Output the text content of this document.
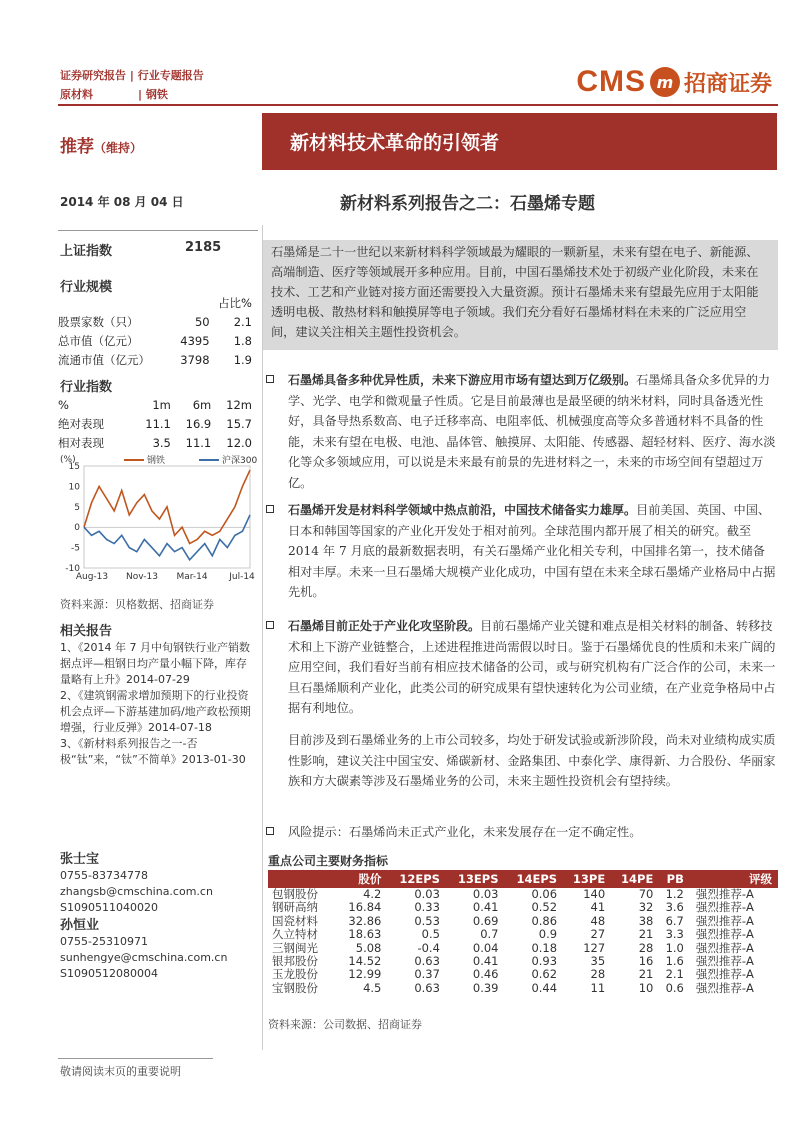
证券研究报告 | 行业专题报告
原材料	| 钢铁	CMS m 招商证券
推荐（维持）	新材料技术革命的引领者
2014 年 08 月 04 日	新材料系列报告之二：石墨烯专题
上证指数	2185
行业规模
		占比%
股票家数（只）	50	2.1
总市值（亿元）	4395	1.8
流通市值（亿元）	3798	1.9
行业指数
%	1m	6m	12m
绝对表现	11.1	16.9	15.7
相对表现	3.5	11.1	12.0
(%)
15
10
5
0
-5
-10
Aug-13 Nov-13 Mar-14 Jul-14
钢铁	沪深300
资料来源：贝格数据、招商证券
相关报告

1、《2014 年 7 月中旬钢铁行业产销数据点评—粗钢日均产量小幅下降，库存量略有上升》2014-07-29

2、《建筑钢需求增加预期下的行业投资机会点评—下游基建加码/地产政松预期增强，行业反弹》2014-07-18

3、《新材料系列报告之一-否极“钛”来，“钛”不简单》2013-01-30

张士宝

0755-83734778

zhangsb@cmschina.com.cn

S1090511040020

孙恒业

0755-25310971

sunhengye@cmschina.com.cn

S1090512080004

石墨烯是二十一世纪以来新材料科学领域最为耀眼的一颗新星，未来有望在电子、新能源、高端制造、医疗等领域展开多种应用。目前，中国石墨烯技术处于初级产业化阶段，未来在技术、工艺和产业链对接方面还需要投入大量资源。预计石墨烯未来有望最先应用于太阳能透明电极、散热材料和触摸屏等电子领域。我们充分看好石墨烯材料在未来的广泛应用空间，建议关注相关主题性投资机会。

石墨烯具备多种优异性质，未来下游应用市场有望达到万亿级别。石墨烯具备众多优异的力学、光学、电学和微观量子性质。它是目前最薄也是最坚硬的纳米材料，同时具备透光性好，具备导热系数高、电子迁移率高、电阻率低、机械强度高等众多普通材料不具备的性能，未来有望在电极、电池、晶体管、触摸屏、太阳能、传感器、超轻材料、医疗、海水淡化等众多领域应用，可以说是未来最有前景的先进材料之一，未来的市场空间有望超过万亿。

石墨烯开发是材料科学领域中热点前沿，中国技术储备实力雄厚。目前美国、英国、中国、日本和韩国等国家的产业化开发处于相对前列。全球范围内都开展了相关的研究。截至 2014 年 7 月底的最新数据表明，有关石墨烯产业化相关专利，中国排名第一，技术储备相对丰厚。未来一旦石墨烯大规模产业化成功，中国有望在未来全球石墨烯产业格局中占据先机。

石墨烯目前正处于产业化攻坚阶段。目前石墨烯产业关键和难点是相关材料的制备、转移技术和上下游产业链整合，上述进程推进尚需假以时日。鉴于石墨烯优良的性质和未来广阔的应用空间，我们看好当前有相应技术储备的公司，或与研究机构有广泛合作的公司，未来一旦石墨烯顺利产业化，此类公司的研究成果有望快速转化为公司业绩，在产业竞争格局中占据有利地位。

目前涉及到石墨烯业务的上市公司较多，均处于研发试验或新涉阶段，尚未对业绩构成实质性影响，建议关注中国宝安、烯碳新材、金路集团、中泰化学、康得新、力合股份、华丽家族和方大碳素等涉及石墨烯业务的公司，未来主题性投资机会有望持续。

风险提示：石墨烯尚未正式产业化，未来发展存在一定不确定性。

重点公司主要财务指标
	股价	12EPS	13EPS	14EPS	13PE	14PE	PB	评级
包钢股份	4.2	0.03	0.03	0.06	140	70	1.2	强烈推荐-A
钢研高纳	16.84	0.33	0.41	0.52	41	32	3.6	强烈推荐-A
国瓷材料	32.86	0.53	0.69	0.86	48	38	6.7	强烈推荐-A
久立特材	18.63	0.5	0.7	0.9	27	21	3.3	强烈推荐-A
三钢闽光	5.08	-0.4	0.04	0.18	127	28	1.0	强烈推荐-A
银邦股份	14.52	0.63	0.41	0.93	35	16	1.6	强烈推荐-A
玉龙股份	12.99	0.37	0.46	0.62	28	21	2.1	强烈推荐-A
宝钢股份	4.5	0.63	0.39	0.44	11	10	0.6	强烈推荐-A
资料来源：公司数据、招商证券
敬请阅读末页的重要说明
